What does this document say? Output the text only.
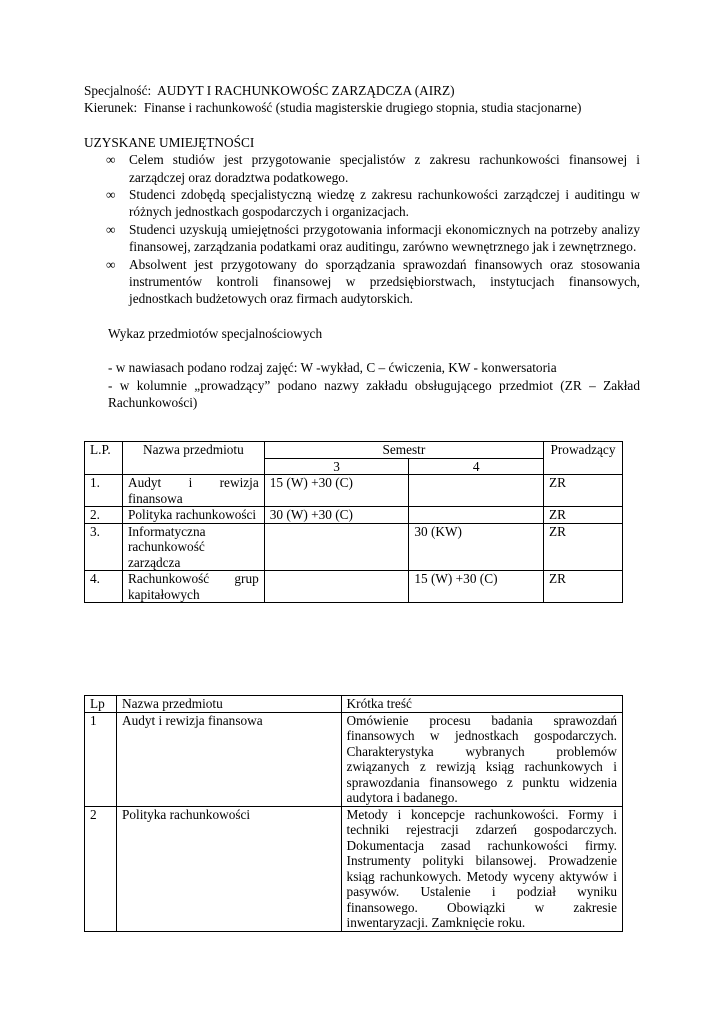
Specjalność: AUDYT I RACHUNKOWOŚC ZARZĄDCZA (AIRZ)
Kierunek: Finanse i rachunkowość (studia magisterskie drugiego stopnia, studia stacjonarne)
UZYSKANE UMIEJĘTNOŚCI
∞ Celem studiów jest przygotowanie specjalistów z zakresu rachunkowości finansowej i zarządczej oraz doradztwa podatkowego.
∞ Studenci zdobędą specjalistyczną wiedzę z zakresu rachunkowości zarządczej i auditingu w różnych jednostkach gospodarczych i organizacjach.
∞ Studenci uzyskują umiejętności przygotowania informacji ekonomicznych na potrzeby analizy finansowej, zarządzania podatkami oraz auditingu, zarówno wewnętrznego jak i zewnętrznego.
∞ Absolwent jest przygotowany do sporządzania sprawozdań finansowych oraz stosowania instrumentów kontroli finansowej w przedsiębiorstwach, instytucjach finansowych, jednostkach budżetowych oraz firmach audytorskich.
Wykaz przedmiotów specjalnościowych
- w nawiasach podano rodzaj zajęć: W -wykład, C – ćwiczenia, KW - konwersatoria
- w kolumnie „prowadzący” podano nazwy zakładu obsługującego przedmiot (ZR – Zakład Rachunkowości)
L.P.	Nazwa przedmiotu	Semestr		Prowadzący
		3	4	
1.	Audyt i rewizja finansowa	15 (W) +30 (C)		ZR
2.	Polityka rachunkowości	30 (W) +30 (C)		ZR
3.	Informatyczna rachunkowość zarządcza		30 (KW)	ZR
4.	Rachunkowość grup kapitałowych		15 (W) +30 (C)	ZR
Lp	Nazwa przedmiotu	Krótka treść
1	Audyt i rewizja finansowa	Omówienie procesu badania sprawozdań finansowych w jednostkach gospodarczych. Charakterystyka wybranych problemów związanych z rewizją ksiąg rachunkowych i sprawozdania finansowego z punktu widzenia audytora i badanego.
2	Polityka rachunkowości	Metody i koncepcje rachunkowości. Formy i techniki rejestracji zdarzeń gospodarczych. Dokumentacja zasad rachunkowości firmy. Instrumenty polityki bilansowej. Prowadzenie ksiąg rachunkowych. Metody wyceny aktywów i pasywów. Ustalenie i podział wyniku finansowego. Obowiązki w zakresie inwentaryzacji. Zamknięcie roku.
